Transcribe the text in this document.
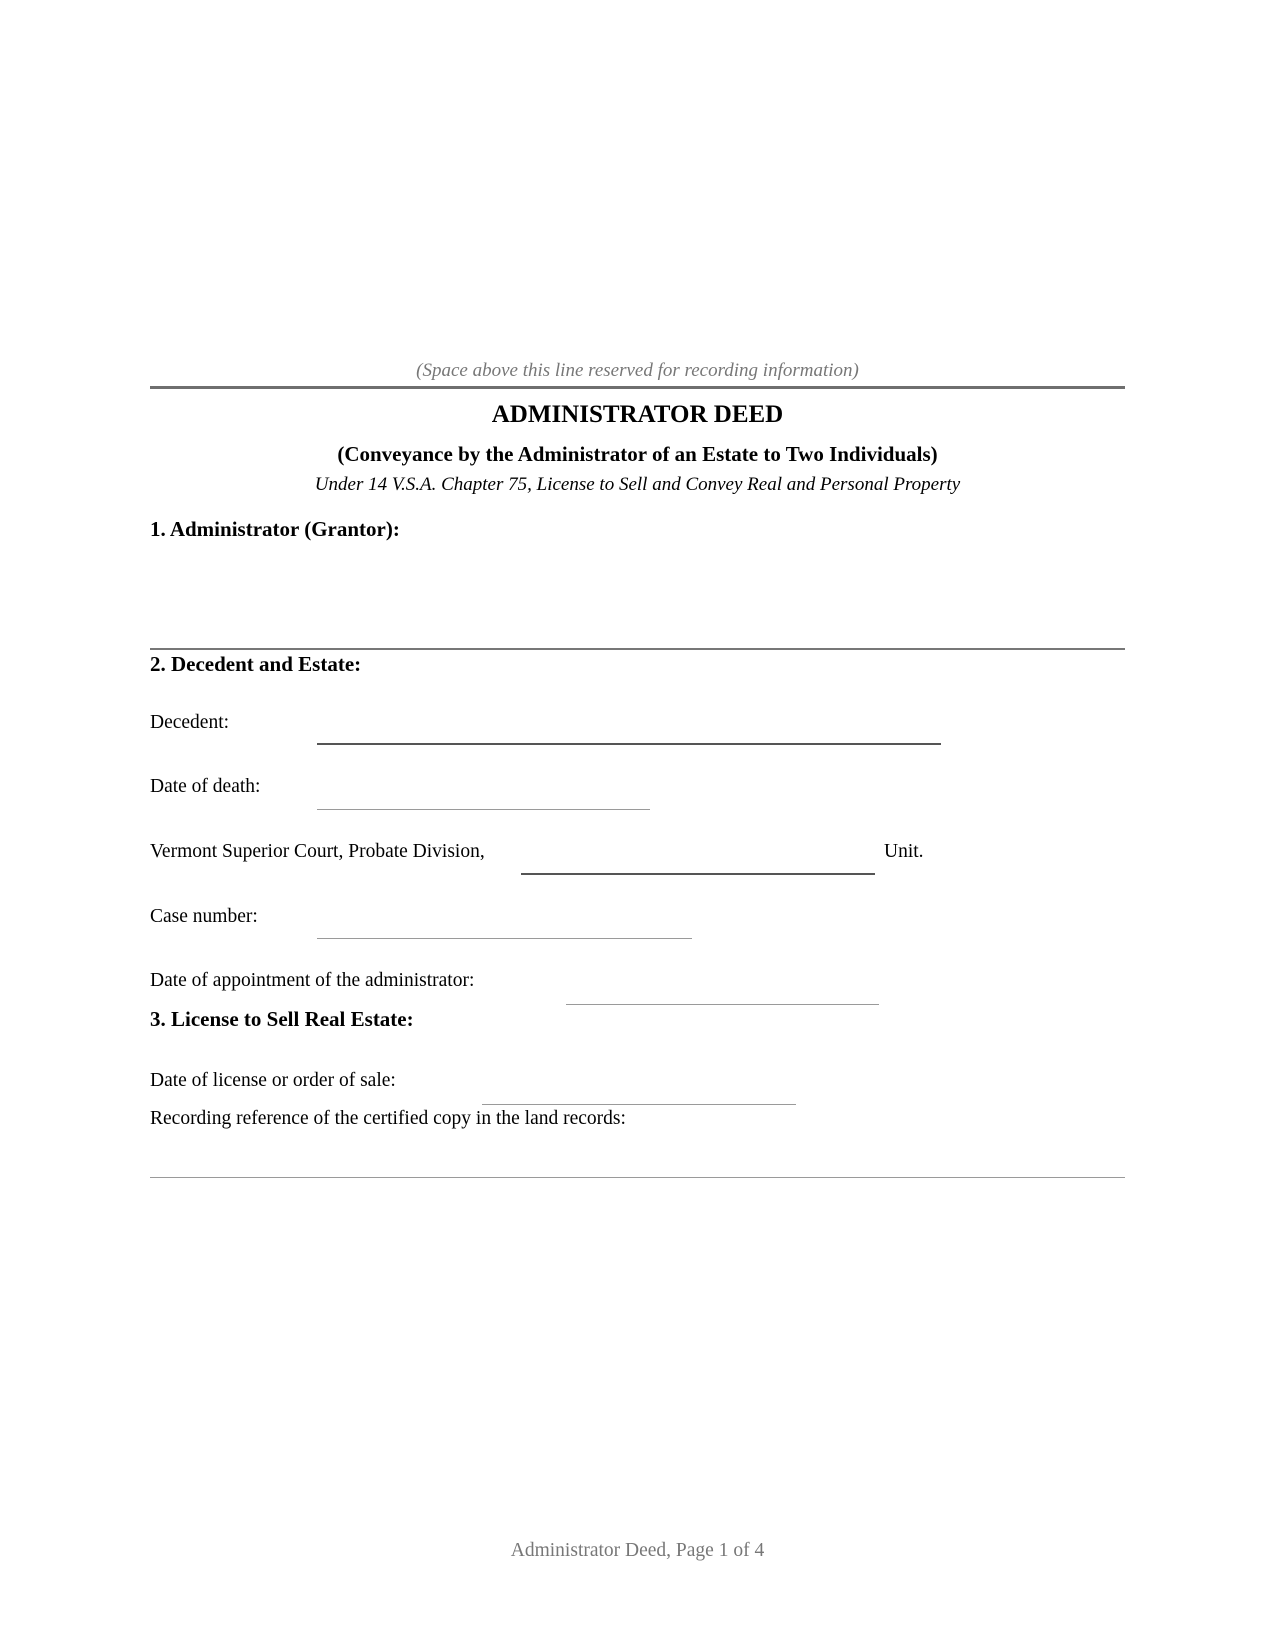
(Space above this line reserved for recording information)
ADMINISTRATOR DEED
(Conveyance by the Administrator of an Estate to Two Individuals)
Under 14 V.S.A. Chapter 75, License to Sell and Convey Real and Personal Property
1. Administrator (Grantor):
2. Decedent and Estate:
Decedent:
Date of death:
Vermont Superior Court, Probate Division,	Unit.
Case number:
Date of appointment of the administrator:
3. License to Sell Real Estate:
Date of license or order of sale:
Recording reference of the certified copy in the land records:
Administrator Deed, Page 1 of 4
